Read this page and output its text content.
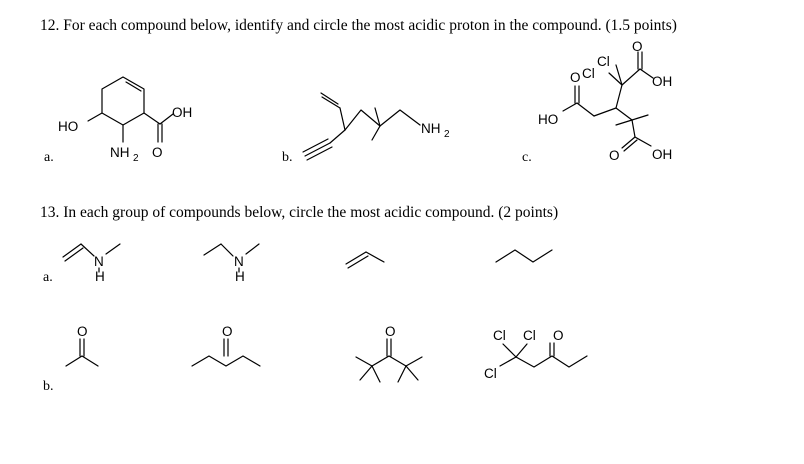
12. For each compound below, identify and circle the most acidic proton in the compound. (1.5 points)
a.
HO
NH 2
OH
O	b.
NH 2
c.
HO
O Cl
Cl
O
OH
O OH
13. In each group of compounds below, circle the most acidic compound. (2 points)
a.
N
H
N
H
b.
O	O	O	Cl Cl
Cl
O
